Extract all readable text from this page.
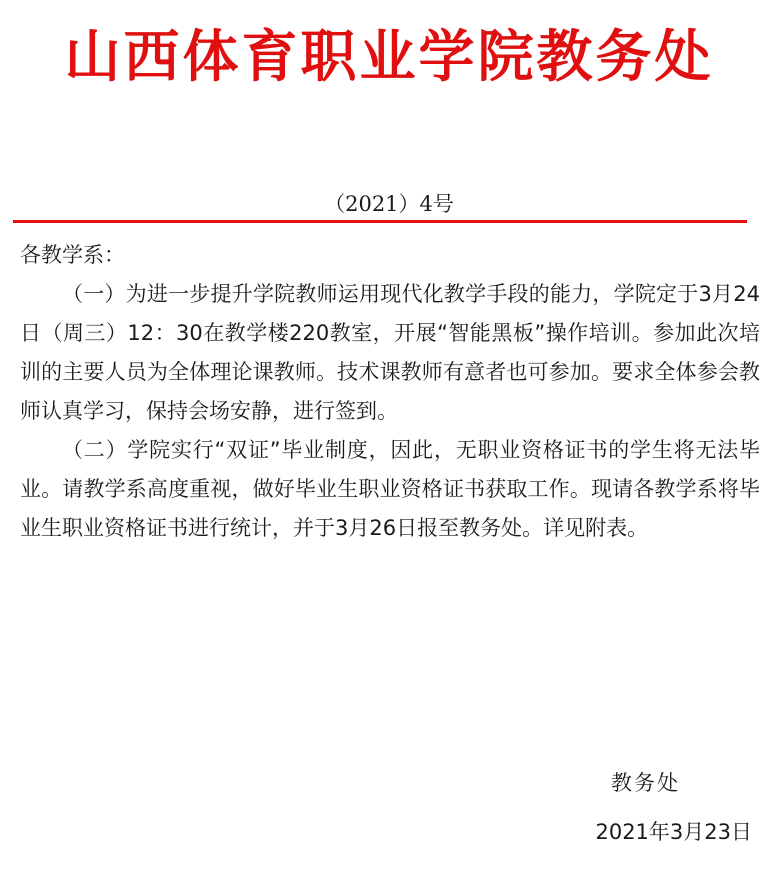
山西体育职业学院教务处
（2021）4号

各教学系：

（一）为进一步提升学院教师运用现代化教学手段的能力，学院定于3月24日（周三）12：30在教学楼220教室，开展“智能黑板”操作培训。参加此次培训的主要人员为全体理论课教师。技术课教师有意者也可参加。要求全体参会教师认真学习，保持会场安静，进行签到。

（二）学院实行“双证”毕业制度，因此，无职业资格证书的学生将无法毕业。请教学系高度重视，做好毕业生职业资格证书获取工作。现请各教学系将毕业生职业资格证书进行统计，并于3月26日报至教务处。详见附表。

教务处
2021年3月23日
